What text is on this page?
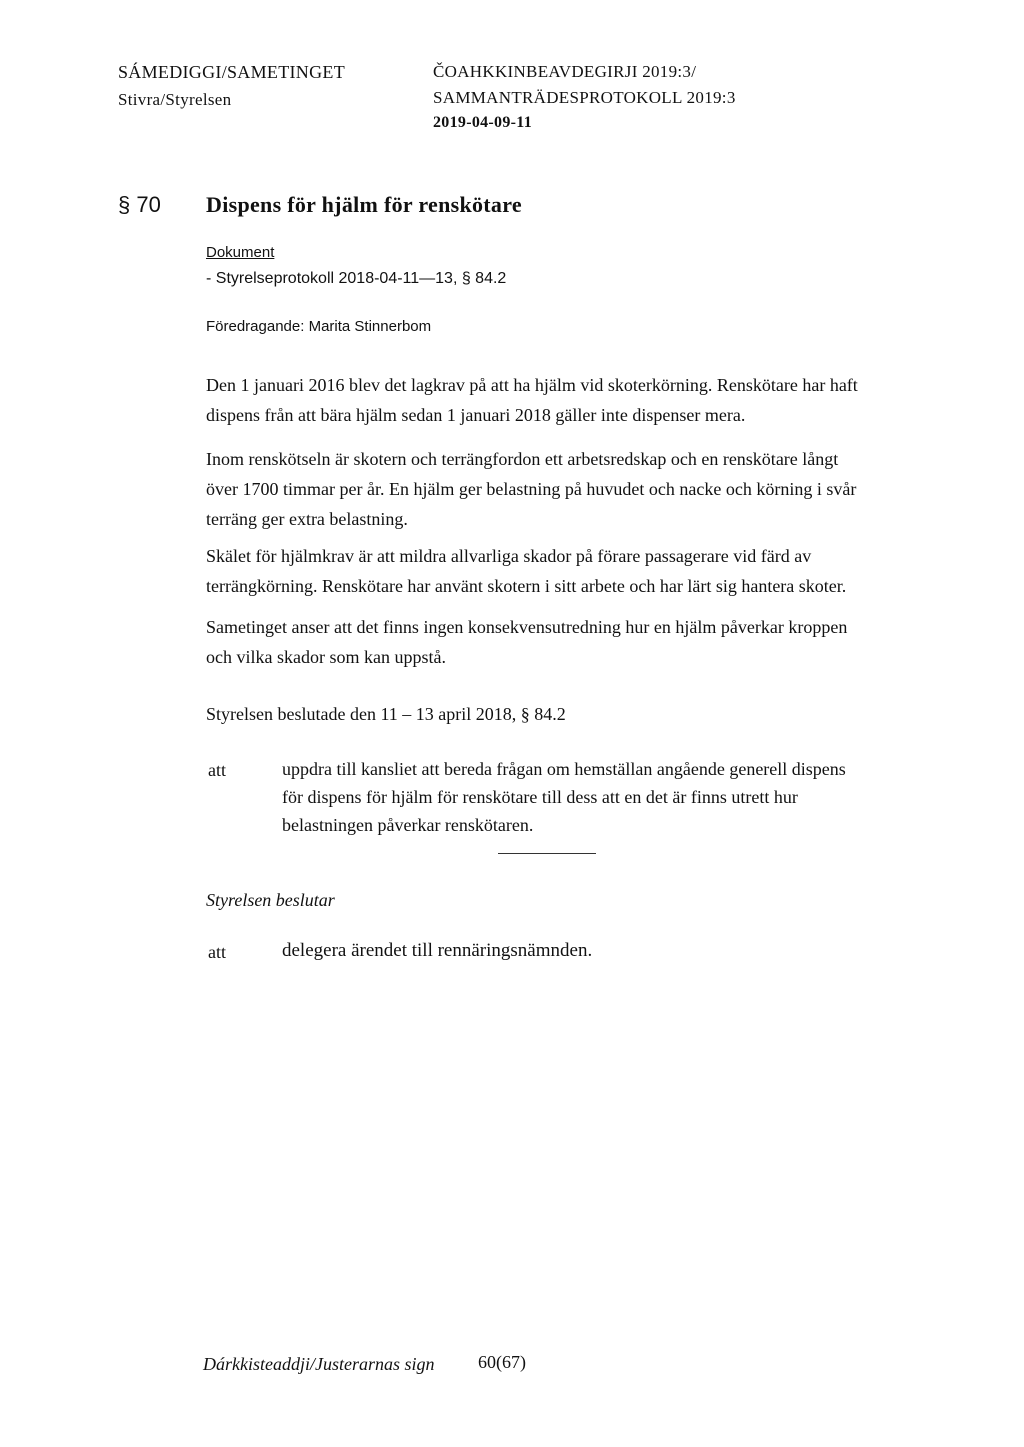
SÁMEDIGGI/SAMETINGET
Stivra/Styrelsen
ČOAHKKINBEAVDEGIRJI 2019:3/
SAMMANTRÄDESPROTOKOLL 2019:3
2019-04-09-11
§ 70 Dispens för hjälm för renskötare
Dokument
- Styrelseprotokoll 2018-04-11—13, § 84.2
Föredragande: Marita Stinnerbom
Den 1 januari 2016 blev det lagkrav på att ha hjälm vid skoterkörning. Renskötare har haft
dispens från att bära hjälm sedan 1 januari 2018 gäller inte dispenser mera.
Inom renskötseln är skotern och terrängfordon ett arbetsredskap och en renskötare långt
över 1700 timmar per år. En hjälm ger belastning på huvudet och nacke och körning i svår
terräng ger extra belastning.
Skälet för hjälmkrav är att mildra allvarliga skador på förare passagerare vid färd av
terrängkörning. Renskötare har använt skotern i sitt arbete och har lärt sig hantera skoter.
Sametinget anser att det finns ingen konsekvensutredning hur en hjälm påverkar kroppen
och vilka skador som kan uppstå.
Styrelsen beslutade den 11 – 13 april 2018, § 84.2
att	uppdra till kansliet att bereda frågan om hemställan angående generell dispens
för dispens för hjälm för renskötare till dess att en det är finns utrett hur
belastningen påverkar renskötaren.
Styrelsen beslutar
att	delegera ärendet till rennäringsnämnden.
Dárkkisteaddji/Justerarnas sign 60(67)
